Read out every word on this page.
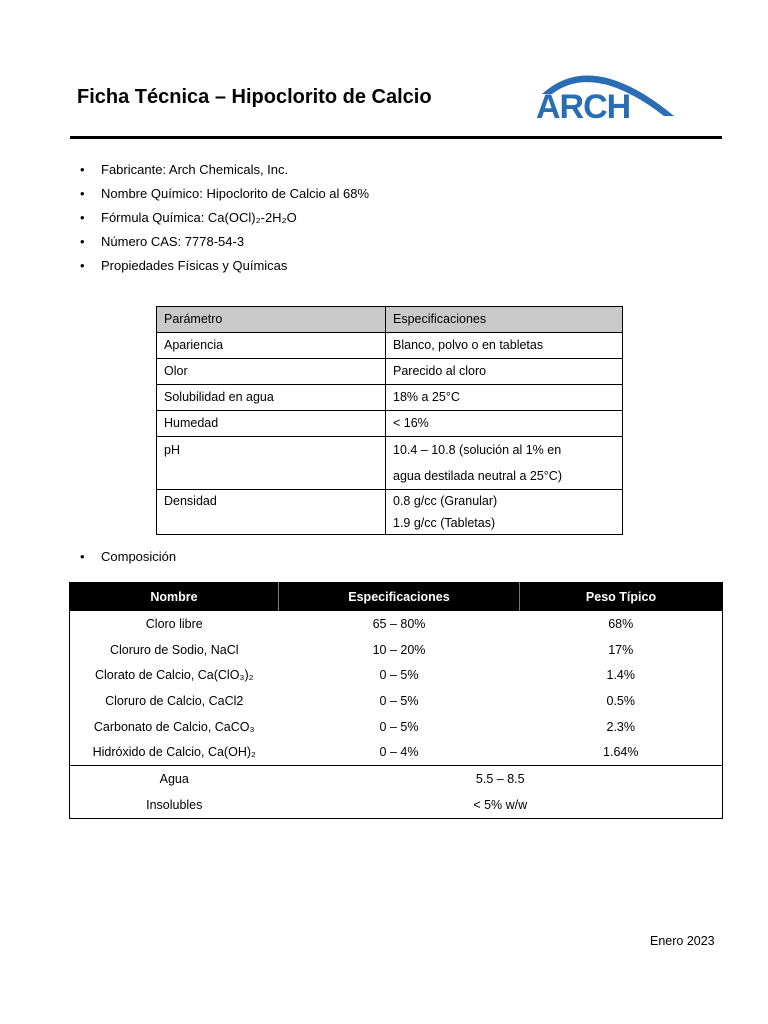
Ficha Técnica – Hipoclorito de Calcio	ARCH
• Fabricante: Arch Chemicals, Inc.
• Nombre Químico: Hipoclorito de Calcio al 68%
• Fórmula Química: Ca(OCl)₂-2H₂O
• Número CAS: 7778-54-3
• Propiedades Físicas y Químicas
Parámetro	Especificaciones
Apariencia	Blanco, polvo o en tabletas
Olor	Parecido al cloro
Solubilidad en agua	18% a 25°C
Humedad	< 16%
pH	10.4 – 10.8 (solución al 1% en
agua destilada neutral a 25°C)

Densidad	0.8 g/cc (Granular)
1.9 g/cc (Tabletas)
• Composición
Nombre	Especificaciones	Peso Típico
Cloro libre	65 – 80%	68%
Cloruro de Sodio, NaCl	10 – 20%	17%
Clorato de Calcio, Ca(ClO₃)₂	0 – 5%	1.4%
Cloruro de Calcio, CaCl2	0 – 5%	0.5%
Carbonato de Calcio, CaCO₃	0 – 5%	2.3%
Hidróxido de Calcio, Ca(OH)₂	0 – 4%	1.64%
Agua	5.5 – 8.5	
Insolubles	< 5% w/w	
Enero 2023
